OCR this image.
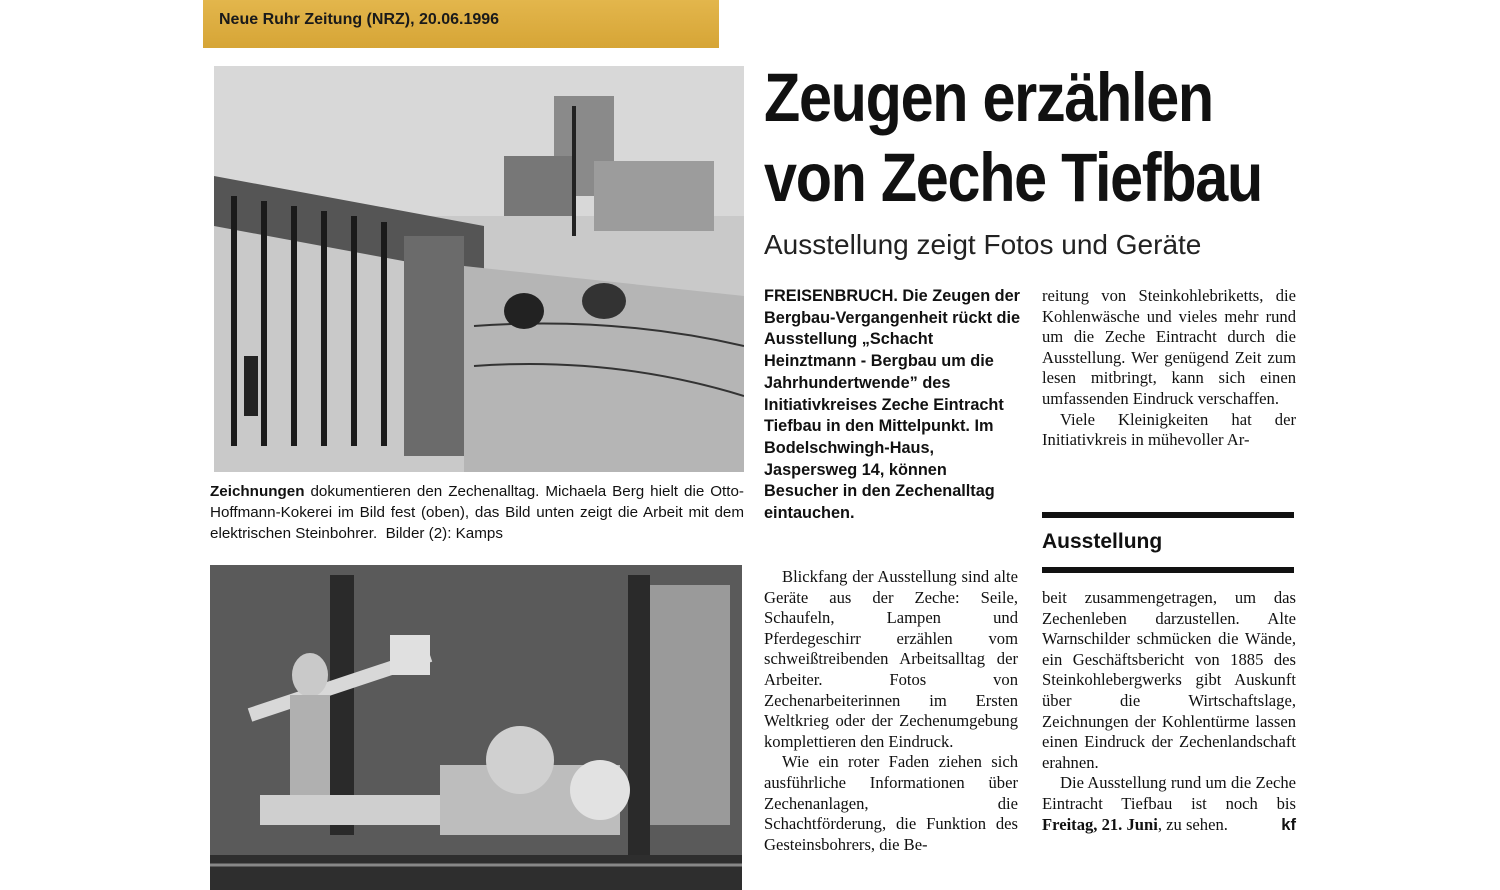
Neue Ruhr Zeitung (NRZ), 20.06.1996
Zeichnungen dokumentieren den Zechenalltag. Michaela Berg hielt die Otto-Hoffmann-Kokerei im Bild fest (oben), das Bild unten zeigt die Arbeit mit dem elektrischen Steinbohrer. Bilder (2): Kamps
Zeugen erzählen
von Zeche Tiefbau
Ausstellung zeigt Fotos und Geräte
FREISENBRUCH. Die Zeugen der Bergbau-Vergangenheit rückt die Ausstellung „Schacht Heinztmann - Bergbau um die Jahrhundertwende” des Initiativkreises Zeche Eintracht Tiefbau in den Mittelpunkt. Im Bodelschwingh-Haus, Jaspersweg 14, können Besucher in den Zechenalltag eintauchen.

Blickfang der Ausstellung sind alte Geräte aus der Zeche: Seile, Schaufeln, Lampen und Pferdegeschirr erzählen vom schweißtreibenden Arbeitsalltag der Arbeiter. Fotos von Zechenarbeiterinnen im Ersten Weltkrieg oder der Zechenumgebung komplettieren den Eindruck.

Wie ein roter Faden ziehen sich ausführliche Informationen über Zechenanlagen, die Schachtförderung, die Funktion des Gesteinsbohrers, die Be-

reitung von Steinkohlebriketts, die Kohlenwäsche und vieles mehr rund um die Zeche Eintracht durch die Ausstellung. Wer genügend Zeit zum lesen mitbringt, kann sich einen umfassenden Eindruck verschaffen.

Viele Kleinigkeiten hat der Initiativkreis in mühevoller Ar-

Ausstellung

beit zusammengetragen, um das Zechenleben darzustellen. Alte Warnschilder schmücken die Wände, ein Geschäftsbericht von 1885 des Steinkohlebergwerks gibt Auskunft über die Wirtschaftslage, Zeichnungen der Kohlentürme lassen einen Eindruck der Zechenlandschaft erahnen.

Die Ausstellung rund um die Zeche Eintracht Tiefbau ist noch bis Freitag, 21. Juni, zu sehen.	kf
